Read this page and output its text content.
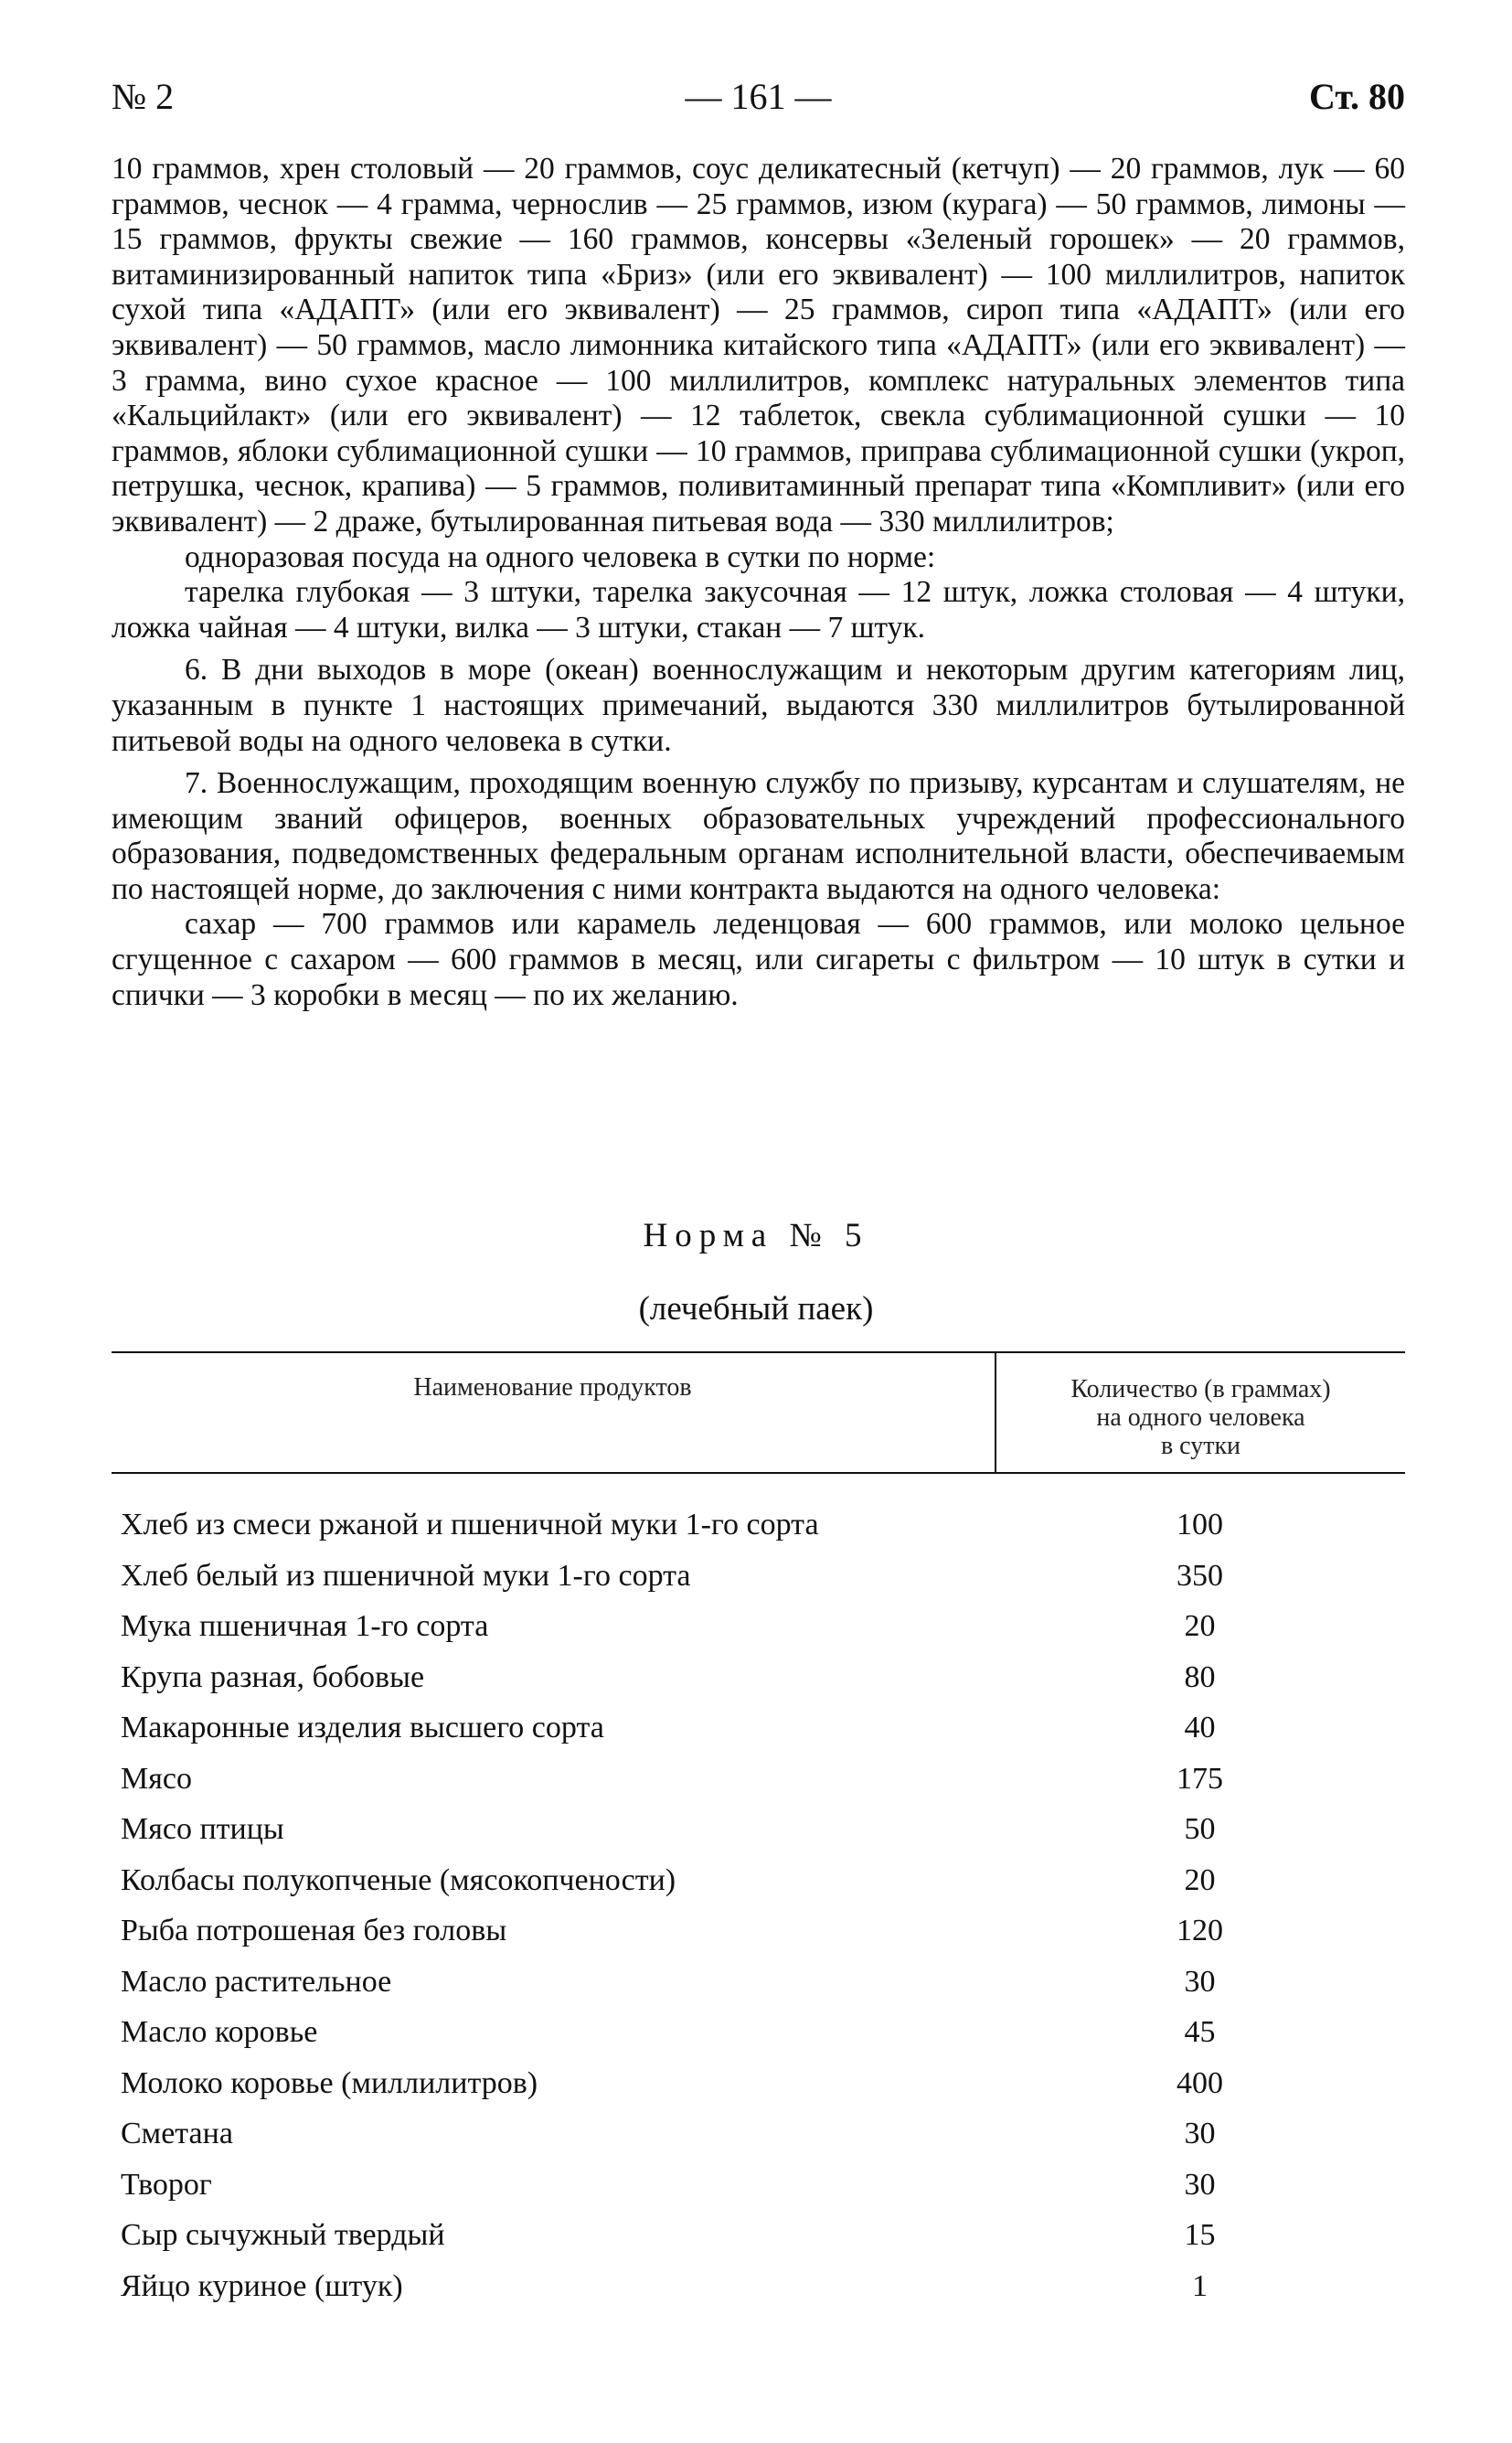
№ 2	— 161 —	Ст. 80

10 граммов, хрен столовый — 20 граммов, соус деликатесный (кетчуп) — 20 граммов, лук — 60 граммов, чеснок — 4 грамма, чернослив — 25 граммов, изюм (курага) — 50 граммов, лимоны — 15 граммов, фрукты свежие — 160 граммов, консервы «Зеленый горошек» — 20 граммов, витаминизированный напиток типа «Бриз» (или его эквивалент) — 100 миллилитров, напиток сухой типа «АДАПТ» (или его эквивалент) — 25 граммов, сироп типа «АДАПТ» (или его эквивалент) — 50 граммов, масло лимонника китайского типа «АДАПТ» (или его эквивалент) — 3 грамма, вино сухое красное — 100 миллилитров, комплекс натуральных элементов типа «Кальцийлакт» (или его эквивалент) — 12 таблеток, свекла сублимационной сушки — 10 граммов, яблоки сублимационной сушки — 10 граммов, приправа сублимационной сушки (укроп, петрушка, чеснок, крапива) — 5 граммов, поливитаминный препарат типа «Компливит» (или его эквивалент) — 2 драже, бутылированная питьевая вода — 330 миллилитров;

одноразовая посуда на одного человека в сутки по норме:

тарелка глубокая — 3 штуки, тарелка закусочная — 12 штук, ложка столовая — 4 штуки, ложка чайная — 4 штуки, вилка — 3 штуки, стакан — 7 штук.

6. В дни выходов в море (океан) военнослужащим и некоторым другим категориям лиц, указанным в пункте 1 настоящих примечаний, выдаются 330 миллилитров бутылированной питьевой воды на одного человека в сутки.

7. Военнослужащим, проходящим военную службу по призыву, курсантам и слушателям, не имеющим званий офицеров, военных образовательных учреждений профессионального образования, подведомственных федеральным органам исполнительной власти, обеспечиваемым по настоящей норме, до заключения с ними контракта выдаются на одного человека:

сахар — 700 граммов или карамель леденцовая — 600 граммов, или молоко цельное сгущенное с сахаром — 600 граммов в месяц, или сигареты с фильтром — 10 штук в сутки и спички — 3 коробки в месяц — по их желанию.

Норма № 5
(лечебный паек)
Наименование продуктов	Количество (в граммах)
на одного человека
в сутки
Хлеб из смеси ржаной и пшеничной муки 1-го сорта	100
Хлеб белый из пшеничной муки 1-го сорта	350
Мука пшеничная 1-го сорта	20
Крупа разная, бобовые	80
Макаронные изделия высшего сорта	40
Мясо	175
Мясо птицы	50
Колбасы полукопченые (мясокопчености)	20
Рыба потрошеная без головы	120
Масло растительное	30
Масло коровье	45
Молоко коровье (миллилитров)	400
Сметана	30
Творог	30
Сыр сычужный твердый	15
Яйцо куриное (штук)	1
